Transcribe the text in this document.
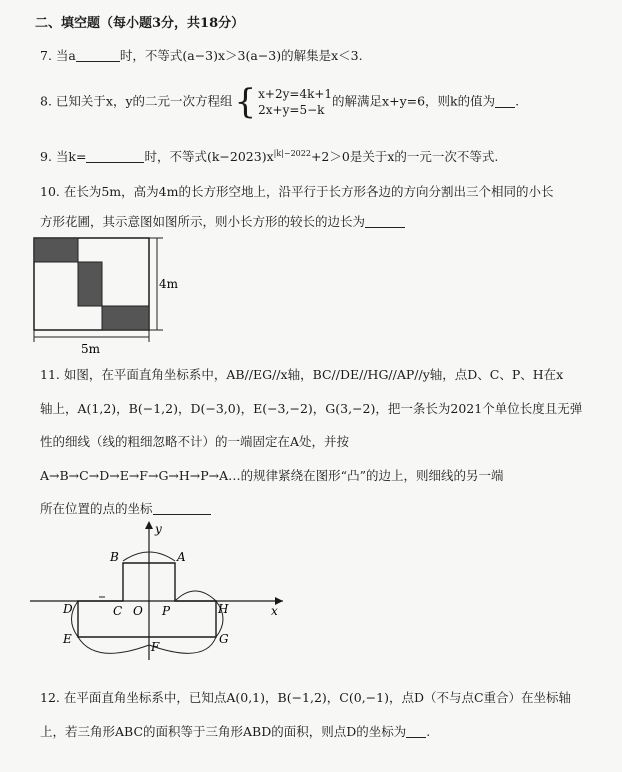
二、填空题（每小题3分，共18分）
7. 当a	时，不等式(a−3)x＞3(a−3)的解集是x＜3.
8. 已知关于x，y的二元一次方程组 { x+2y=4k+1
2x+y=5−k
的解满足x+y=6，则k的值为 .
9. 当k=	时，不等式$(k-2023)x^{|k|-2022}+2>0$是关于x的一元一次不等式.
10. 在长为5m，高为4m的长方形空地上，沿平行于长方形各边的方向分割出三个相同的小长
方形花圃，其示意图如图所示，则小长方形的较长的边长为
4m
5m
11. 如图，在平面直角坐标系中，AB//EG//x轴，BC//DE//HG//AP//y轴，点D、C、P、H在x
轴上，A(1,2)，B(−1,2)，D(−3,0)，E(−3,−2)，G(3,−2)，把一条长为2021个单位长度且无弹
性的细线（线的粗细忽略不计）的一端固定在A处，并按
A→B→C→D→E→F→G→H→P→A…的规律紧绕在图形“凸”的边上，则细线的另一端
所在位置的点的坐标
y
x
B	A
C O P
D	H
E
F
G
12. 在平面直角坐标系中，已知点A(0,1)，B(−1,2)，C(0,−1)，点D（不与点C重合）在坐标轴
上，若三角形ABC的面积等于三角形ABD的面积，则点D的坐标为 .
